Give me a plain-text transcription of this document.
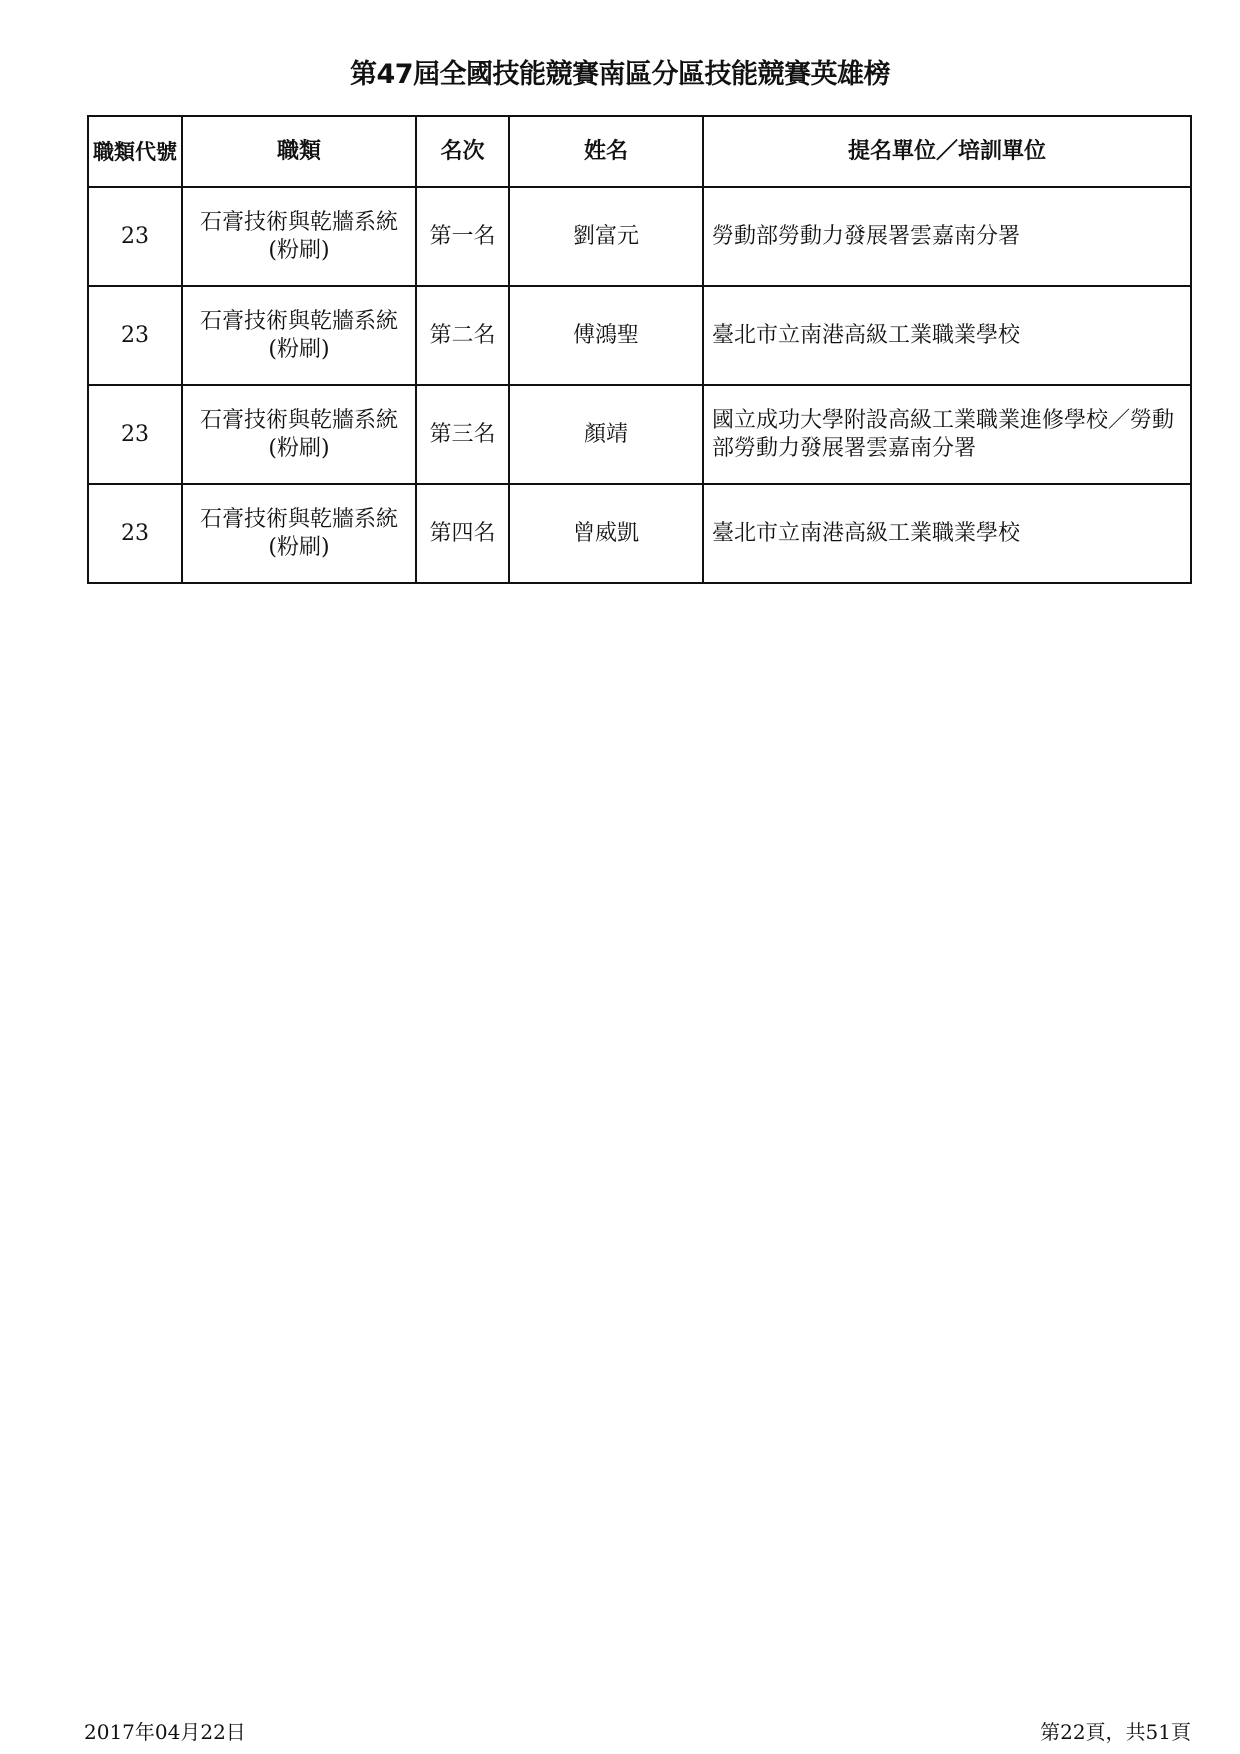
第47屆全國技能競賽南區分區技能競賽英雄榜
職類代號	職類	名次	姓名	提名單位／培訓單位
23	石膏技術與乾牆系統(粉刷)	第一名	劉富元	勞動部勞動力發展署雲嘉南分署
23	石膏技術與乾牆系統(粉刷)	第二名	傅鴻聖	臺北市立南港高級工業職業學校
23	石膏技術與乾牆系統(粉刷)	第三名	顏靖	國立成功大學附設高級工業職業進修學校／勞動部勞動力發展署雲嘉南分署
23	石膏技術與乾牆系統(粉刷)	第四名	曾威凱	臺北市立南港高級工業職業學校
2017年04月22日	第22頁，共51頁
